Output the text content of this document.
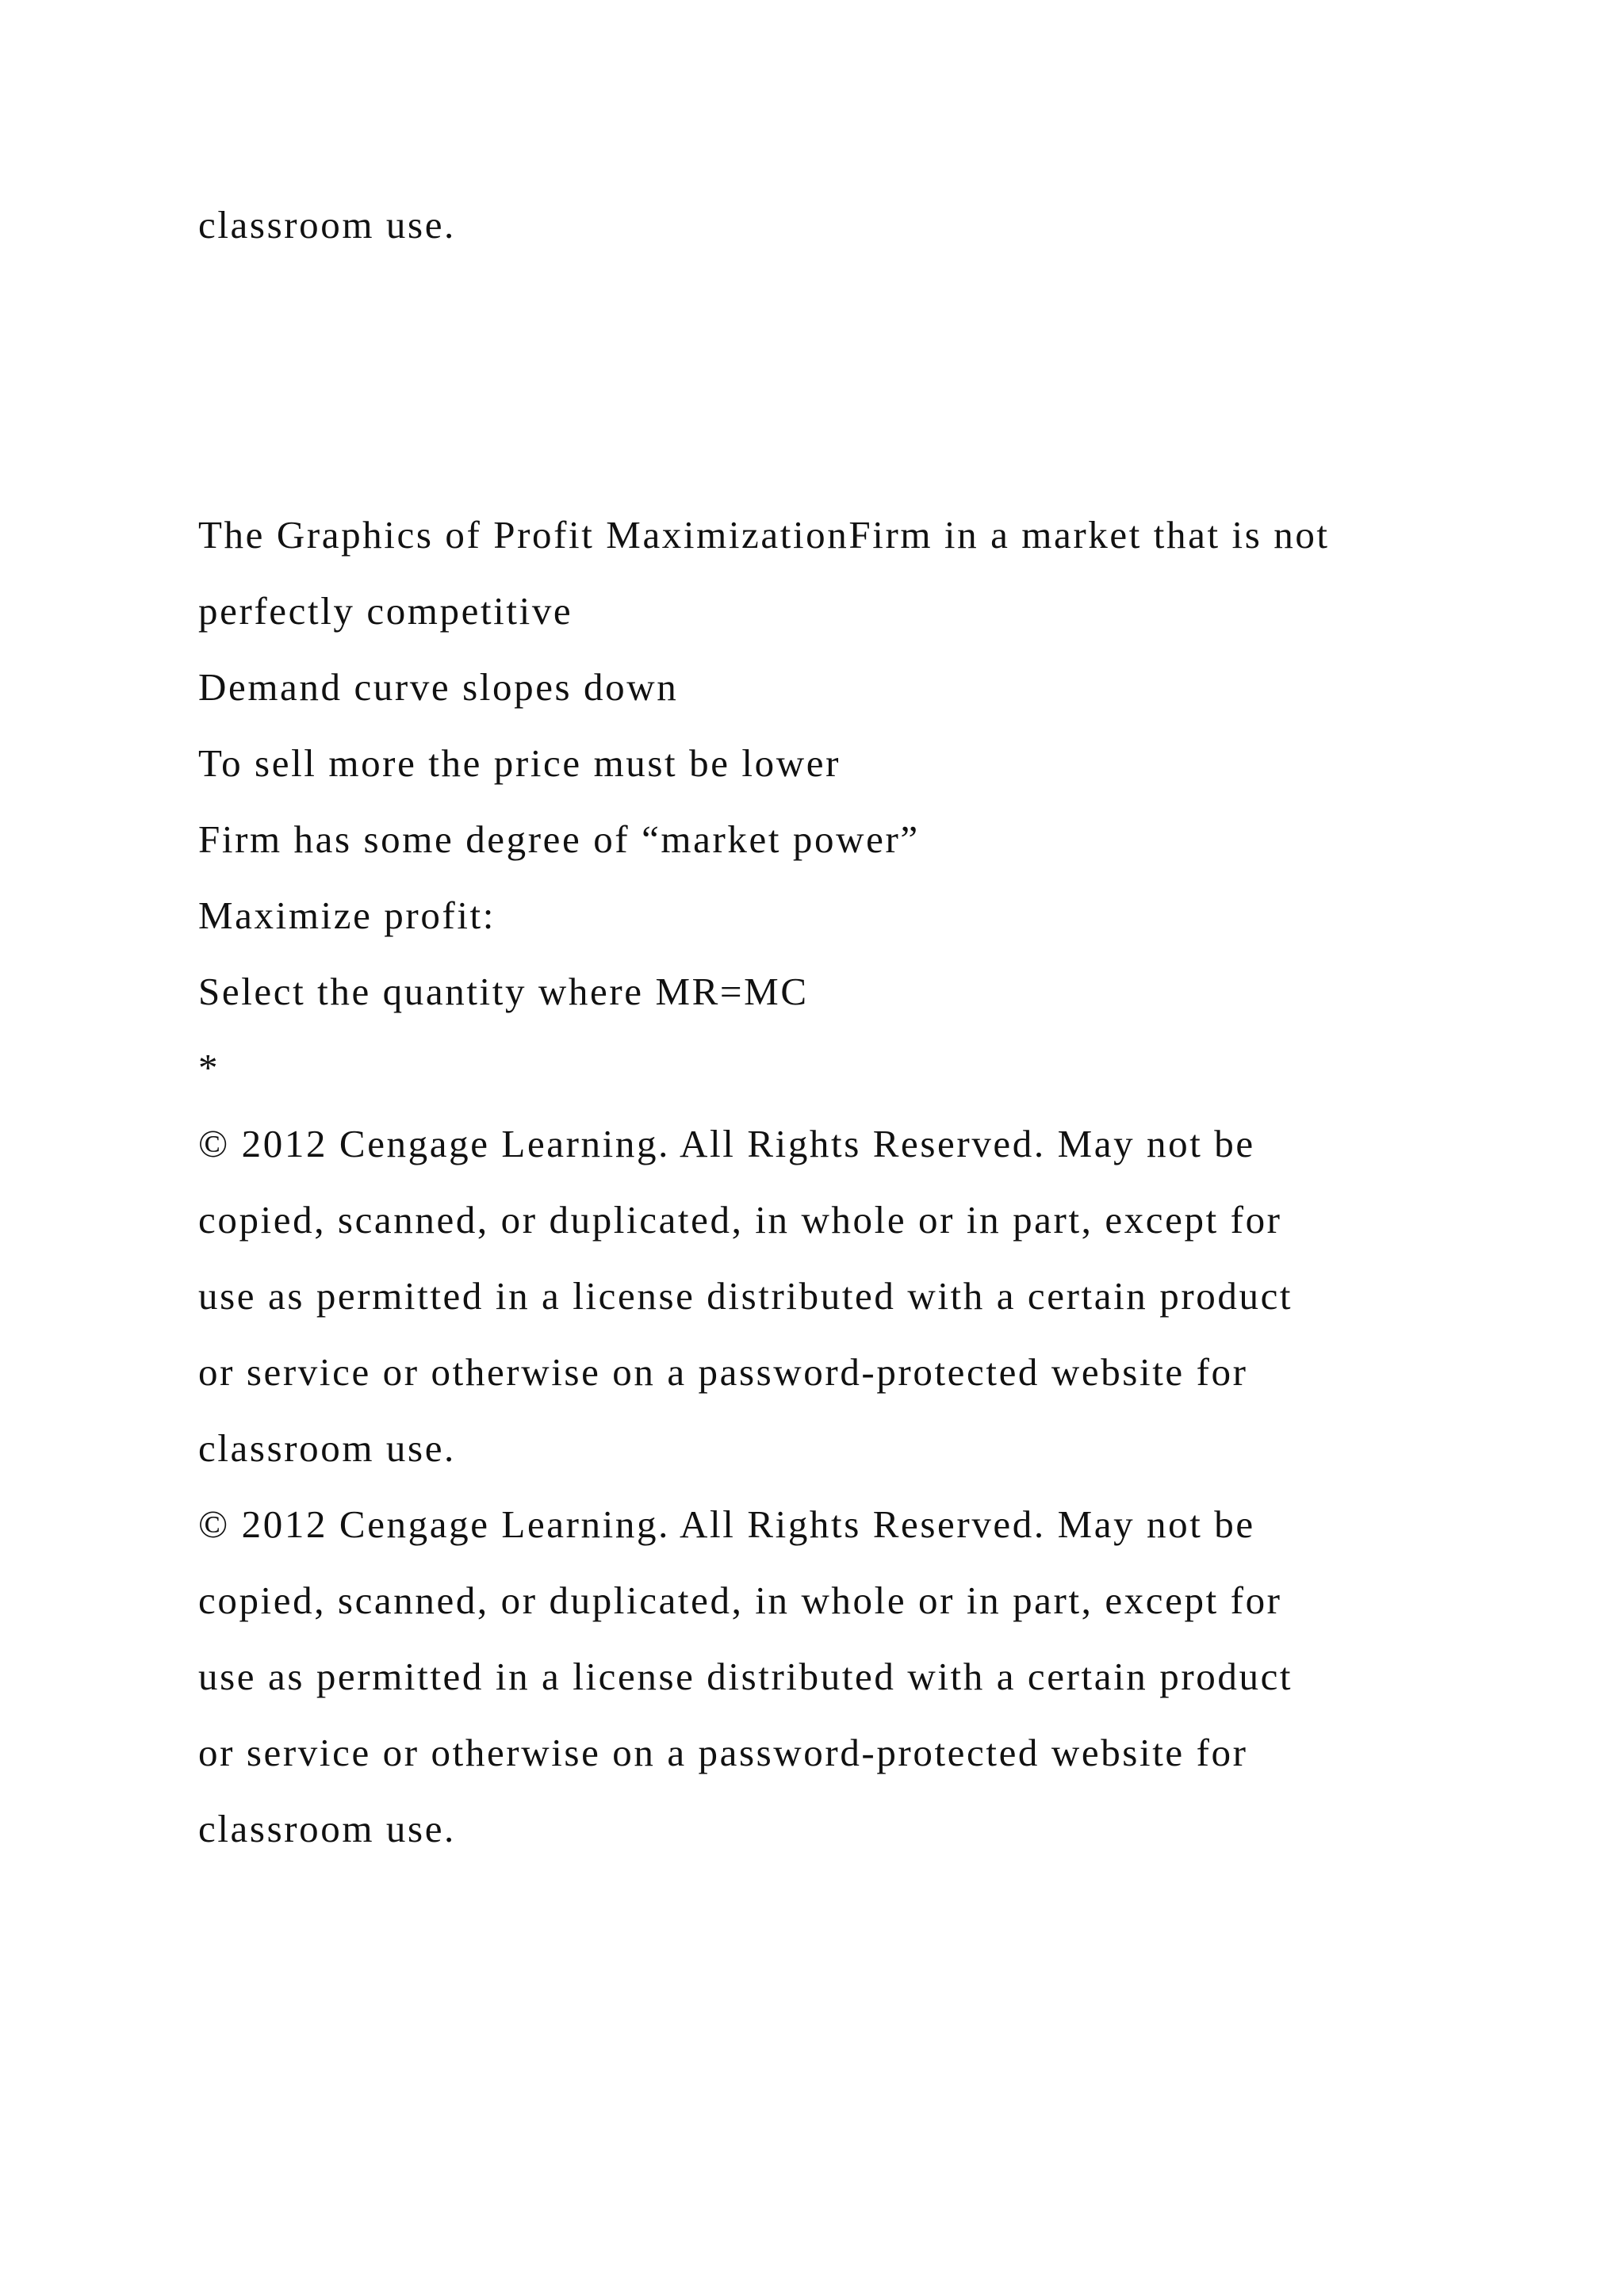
classroom use.
The Graphics of Profit MaximizationFirm in a market that is not
perfectly competitive
Demand curve slopes down
To sell more the price must be lower
Firm has some degree of “market power”
Maximize profit:
Select the quantity where MR=MC
*
© 2012 Cengage Learning. All Rights Reserved. May not be
copied, scanned, or duplicated, in whole or in part, except for
use as permitted in a license distributed with a certain product
or service or otherwise on a password-protected website for
classroom use.
© 2012 Cengage Learning. All Rights Reserved. May not be
copied, scanned, or duplicated, in whole or in part, except for
use as permitted in a license distributed with a certain product
or service or otherwise on a password-protected website for
classroom use.
